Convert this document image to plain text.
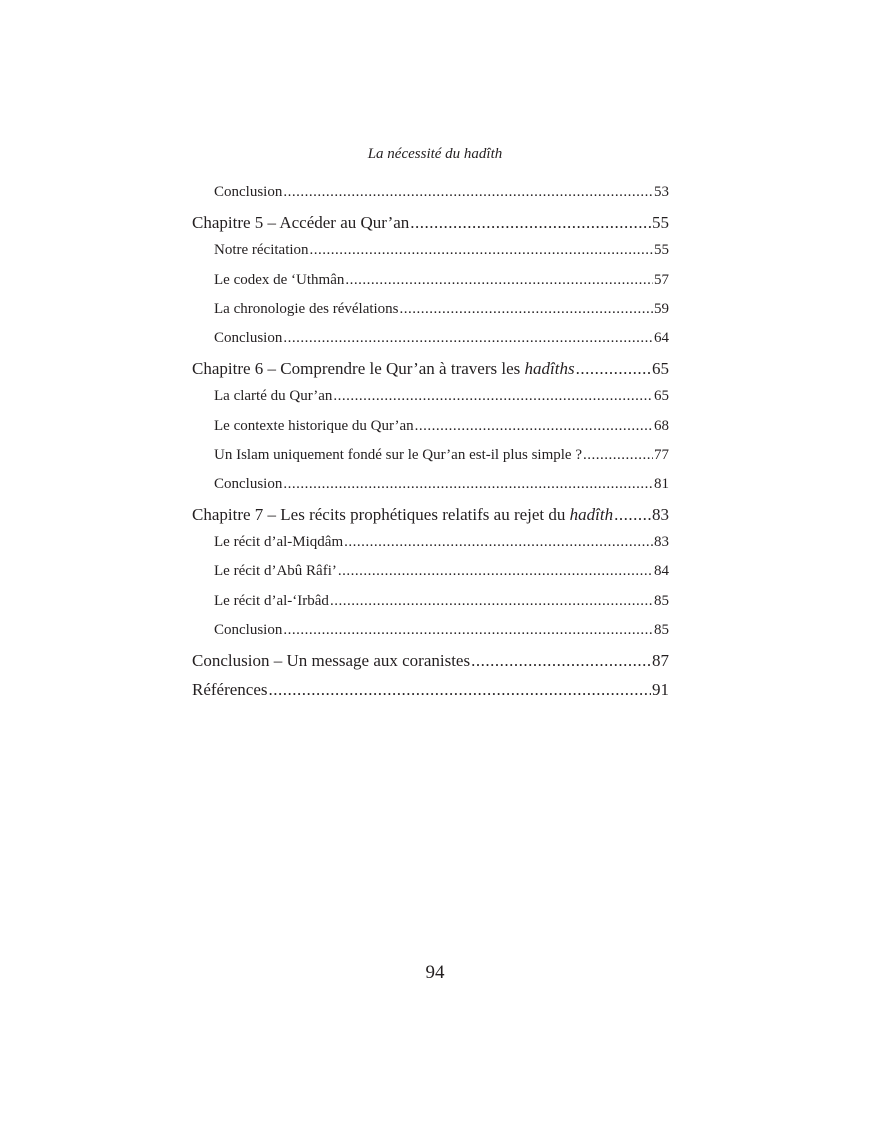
La nécessité du hadîth
Conclusion .....	53
Chapitre 5 – Accéder au Qur’an .....	55
Notre récitation .....	55
Le codex de ‘Uthmân .....	57
La chronologie des révélations .....	59
Conclusion .....	64
Chapitre 6 – Comprendre le Qur’an à travers les hadîths .....	65
La clarté du Qur’an .....	65
Le contexte historique du Qur’an .....	68
Un Islam uniquement fondé sur le Qur’an est-il plus simple ? .....	77
Conclusion .....	81
Chapitre 7 – Les récits prophétiques relatifs au rejet du hadîth ..... 83
Le récit d’al-Miqdâm .....	83
Le récit d’Abû Râfi’ .....	84
Le récit d’al-‘Irbâd .....	85
Conclusion .....	85
Conclusion – Un message aux coranistes .....	87
Références .....	91
94
